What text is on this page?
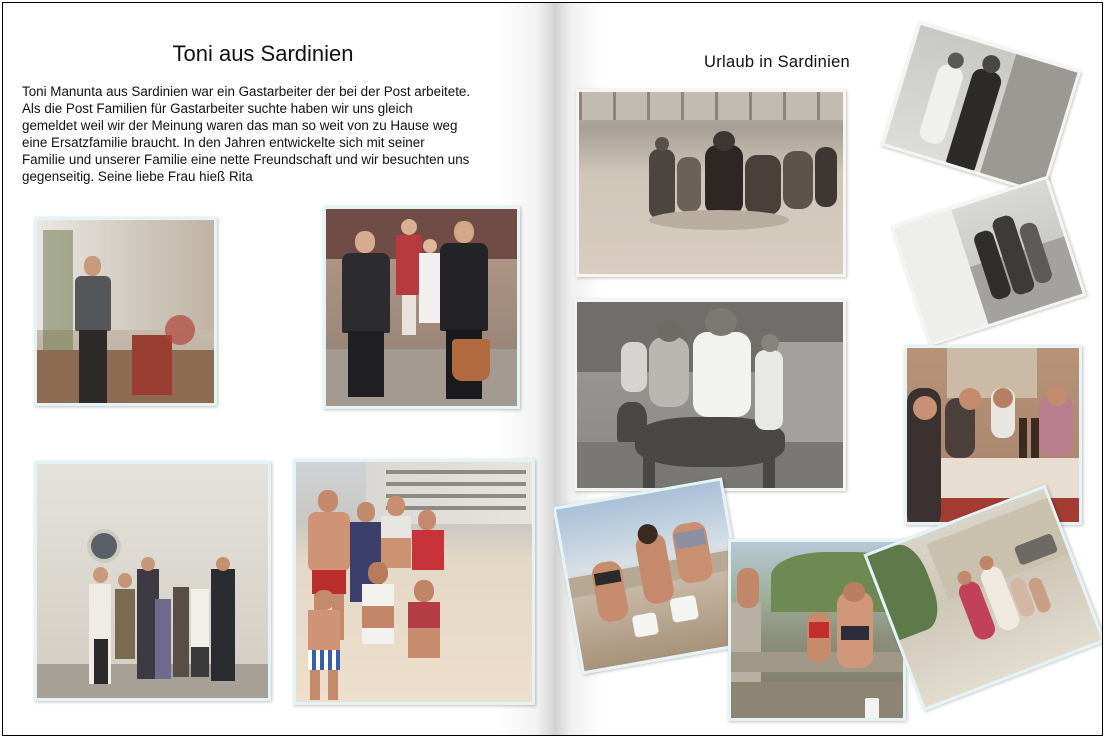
Toni aus Sardinien
Toni Manunta aus Sardinien war ein Gastarbeiter der bei der Post arbeitete.
Als die Post Familien für Gastarbeiter suchte haben wir uns gleich
gemeldet weil wir der Meinung waren das man so weit von zu Hause weg
eine Ersatzfamilie braucht. In den Jahren entwickelte sich mit seiner
Familie und unserer Familie eine nette Freundschaft und wir besuchten uns
gegenseitig. Seine liebe Frau hieß Rita
Urlaub in Sardinien
